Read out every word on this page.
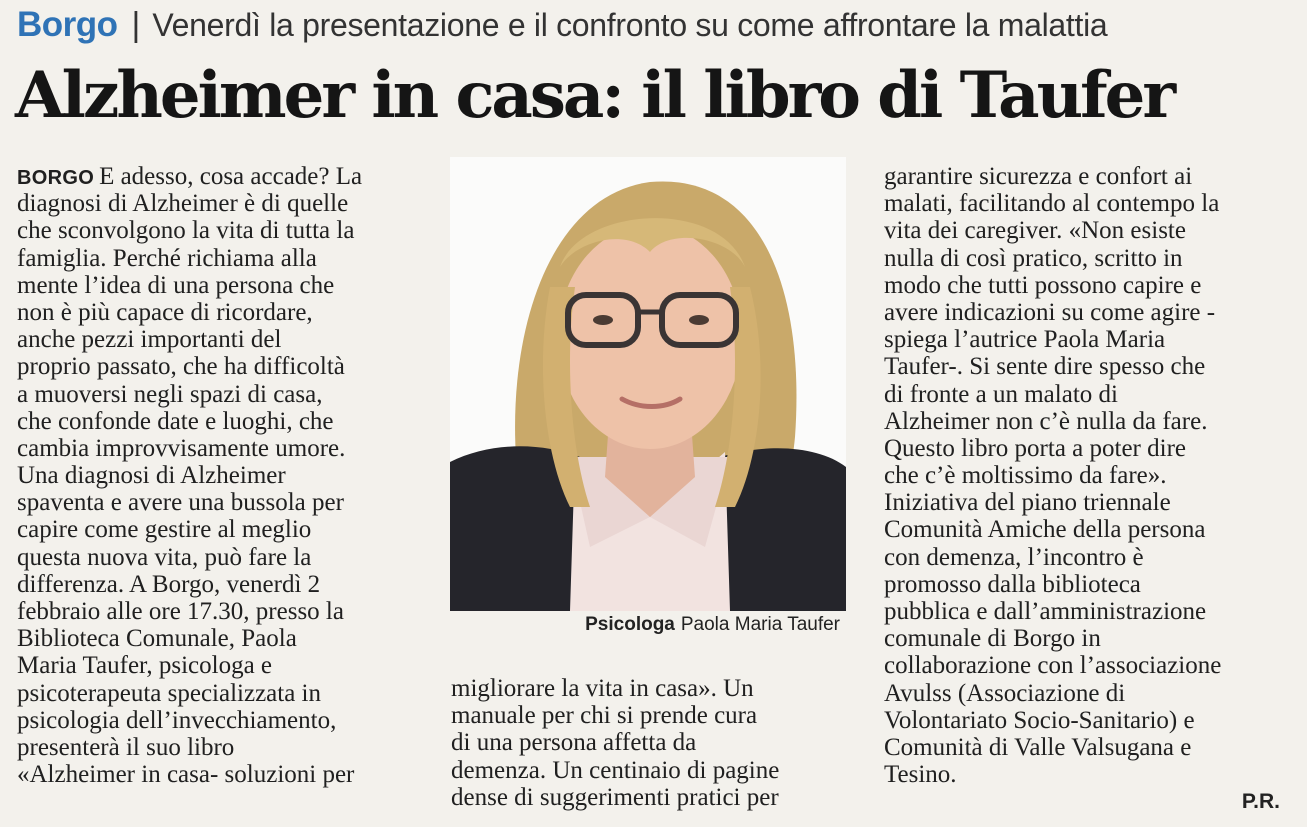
Borgo | Venerdì la presentazione e il confronto su come affrontare la malattia
Alzheimer in casa: il libro di Taufer
BORGO E adesso, cosa accade? La
diagnosi di Alzheimer è di quelle
che sconvolgono la vita di tutta la
famiglia. Perché richiama alla
mente l’idea di una persona che
non è più capace di ricordare,
anche pezzi importanti del
proprio passato, che ha difficoltà
a muoversi negli spazi di casa,
che confonde date e luoghi, che
cambia improvvisamente umore.
Una diagnosi di Alzheimer
spaventa e avere una bussola per
capire come gestire al meglio
questa nuova vita, può fare la
differenza. A Borgo, venerdì 2
febbraio alle ore 17.30, presso la
Biblioteca Comunale, Paola
Maria Taufer, psicologa e
psicoterapeuta specializzata in
psicologia dell’invecchiamento,
presenterà il suo libro
«Alzheimer in casa- soluzioni per
Psicologa Paola Maria Taufer
migliorare la vita in casa». Un
manuale per chi si prende cura
di una persona affetta da
demenza. Un centinaio di pagine
dense di suggerimenti pratici per
garantire sicurezza e confort ai
malati, facilitando al contempo la
vita dei caregiver. «Non esiste
nulla di così pratico, scritto in
modo che tutti possono capire e
avere indicazioni su come agire -
spiega l’autrice Paola Maria
Taufer-. Si sente dire spesso che
di fronte a un malato di
Alzheimer non c’è nulla da fare.
Questo libro porta a poter dire
che c’è moltissimo da fare».
Iniziativa del piano triennale
Comunità Amiche della persona
con demenza, l’incontro è
promosso dalla biblioteca
pubblica e dall’amministrazione
comunale di Borgo in
collaborazione con l’associazione
Avulss (Associazione di
Volontariato Socio-Sanitario) e
Comunità di Valle Valsugana e
Tesino.
P.R.
